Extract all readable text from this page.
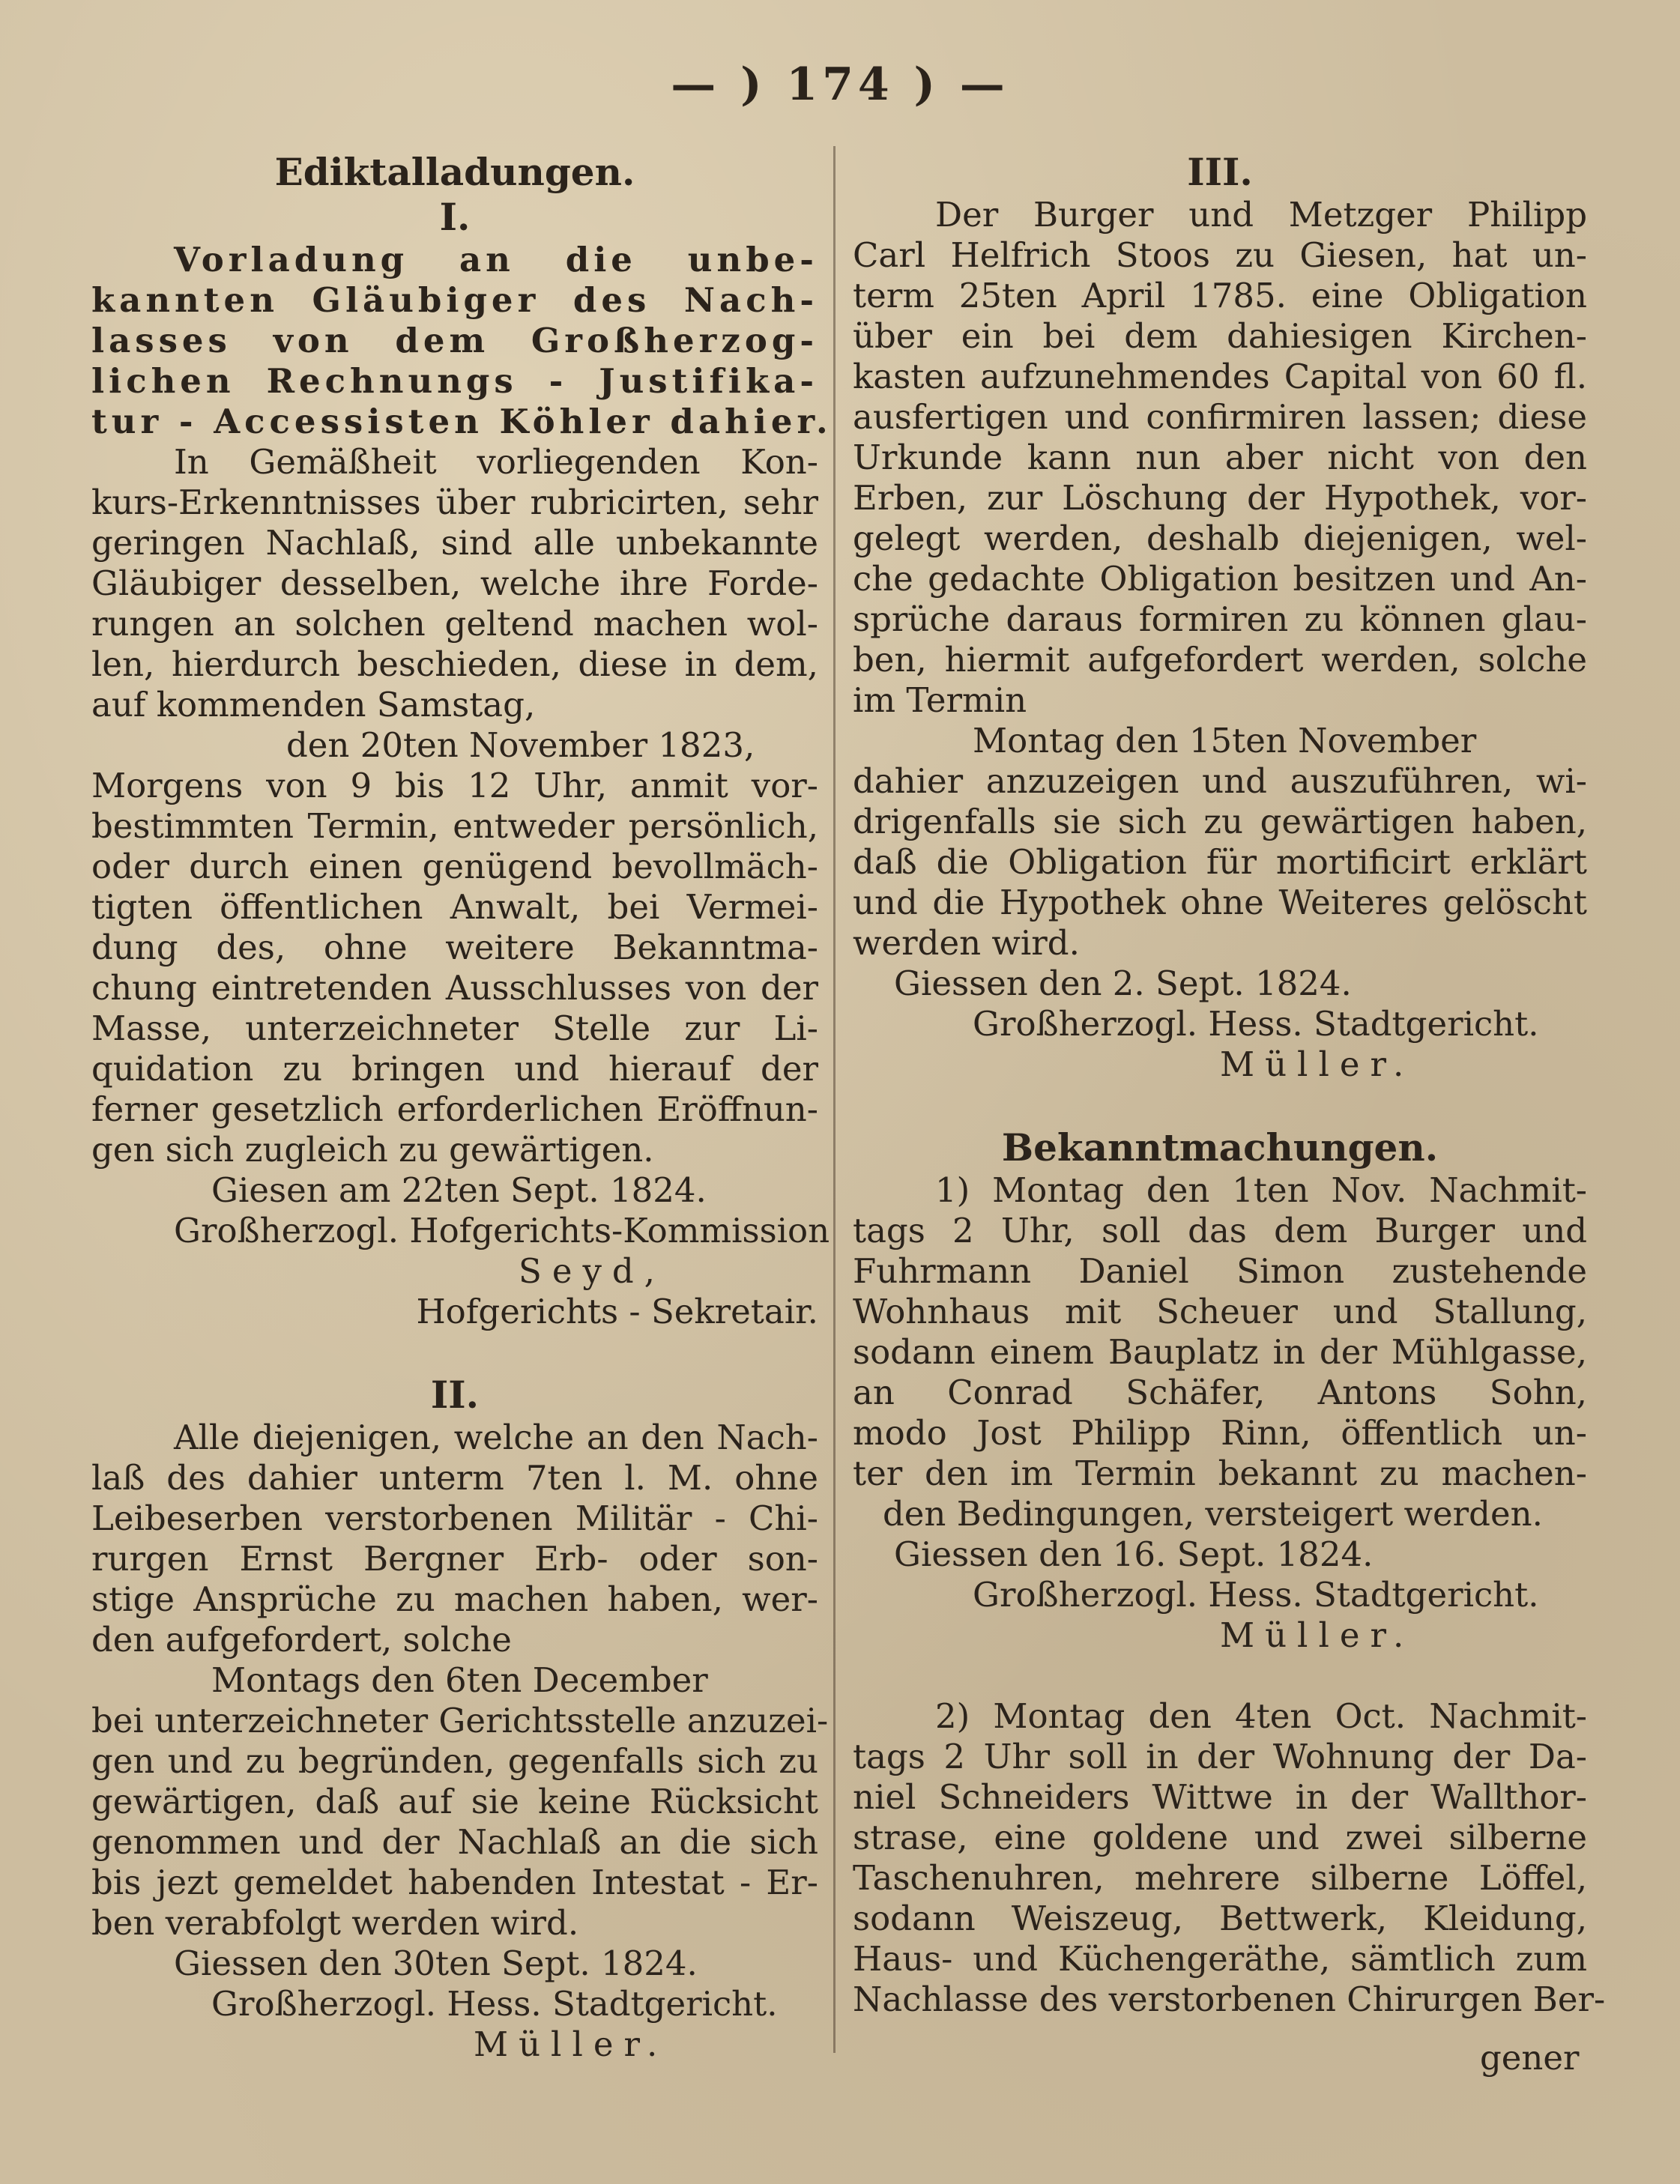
— ) 174 ) —

Ediktalladungen.

I.

Vorladung an die unbe-

kannten Gläubiger des Nach-

lasses von dem Großherzog-

lichen Rechnungs - Justifika-

tur - Accessisten Köhler dahier.

In Gemäßheit vorliegenden Kon-

kurs-Erkenntnisses über rubricirten, sehr

geringen Nachlaß, sind alle unbekannte

Gläubiger desselben, welche ihre Forde-

rungen an solchen geltend machen wol-

len, hierdurch beschieden, diese in dem,

auf kommenden Samstag,

den 20ten November 1823,

Morgens von 9 bis 12 Uhr, anmit vor-

bestimmten Termin, entweder persönlich,

oder durch einen genügend bevollmäch-

tigten öffentlichen Anwalt, bei Vermei-

dung des, ohne weitere Bekanntma-

chung eintretenden Ausschlusses von der

Masse, unterzeichneter Stelle zur Li-

quidation zu bringen und hierauf der

ferner gesetzlich erforderlichen Eröffnun-

gen sich zugleich zu gewärtigen.

Giesen am 22ten Sept. 1824.

Großherzogl. Hofgerichts-Kommission

Seyd,

Hofgerichts - Sekretair.

II.

Alle diejenigen, welche an den Nach-

laß des dahier unterm 7ten l. M. ohne

Leibeserben verstorbenen Militär - Chi-

rurgen Ernst Bergner Erb- oder son-

stige Ansprüche zu machen haben, wer-

den aufgefordert, solche

Montags den 6ten December

bei unterzeichneter Gerichtsstelle anzuzei-

gen und zu begründen, gegenfalls sich zu

gewärtigen, daß auf sie keine Rücksicht

genommen und der Nachlaß an die sich

bis jezt gemeldet habenden Intestat - Er-

ben verabfolgt werden wird.

Giessen den 30ten Sept. 1824.

Großherzogl. Hess. Stadtgericht.

Müller.

III.

Der Burger und Metzger Philipp

Carl Helfrich Stoos zu Giesen, hat un-

term 25ten April 1785. eine Obligation

über ein bei dem dahiesigen Kirchen-

kasten aufzunehmendes Capital von 60 fl.

ausfertigen und confirmiren lassen; diese

Urkunde kann nun aber nicht von den

Erben, zur Löschung der Hypothek, vor-

gelegt werden, deshalb diejenigen, wel-

che gedachte Obligation besitzen und An-

sprüche daraus formiren zu können glau-

ben, hiermit aufgefordert werden, solche

im Termin

Montag den 15ten November

dahier anzuzeigen und auszuführen, wi-

drigenfalls sie sich zu gewärtigen haben,

daß die Obligation für mortificirt erklärt

und die Hypothek ohne Weiteres gelöscht

werden wird.

Giessen den 2. Sept. 1824.

Großherzogl. Hess. Stadtgericht.

Müller.

Bekanntmachungen.

1) Montag den 1ten Nov. Nachmit-

tags 2 Uhr, soll das dem Burger und

Fuhrmann Daniel Simon zustehende

Wohnhaus mit Scheuer und Stallung,

sodann einem Bauplatz in der Mühlgasse,

an Conrad Schäfer, Antons Sohn,

modo Jost Philipp Rinn, öffentlich un-

ter den im Termin bekannt zu machen-

den Bedingungen, versteigert werden.

Giessen den 16. Sept. 1824.

Großherzogl. Hess. Stadtgericht.

Müller.

2) Montag den 4ten Oct. Nachmit-

tags 2 Uhr soll in der Wohnung der Da-

niel Schneiders Wittwe in der Wallthor-

strase, eine goldene und zwei silberne

Taschenuhren, mehrere silberne Löffel,

sodann Weiszeug, Bettwerk, Kleidung,

Haus- und Küchengeräthe, sämtlich zum

Nachlasse des verstorbenen Chirurgen Ber-

gener
